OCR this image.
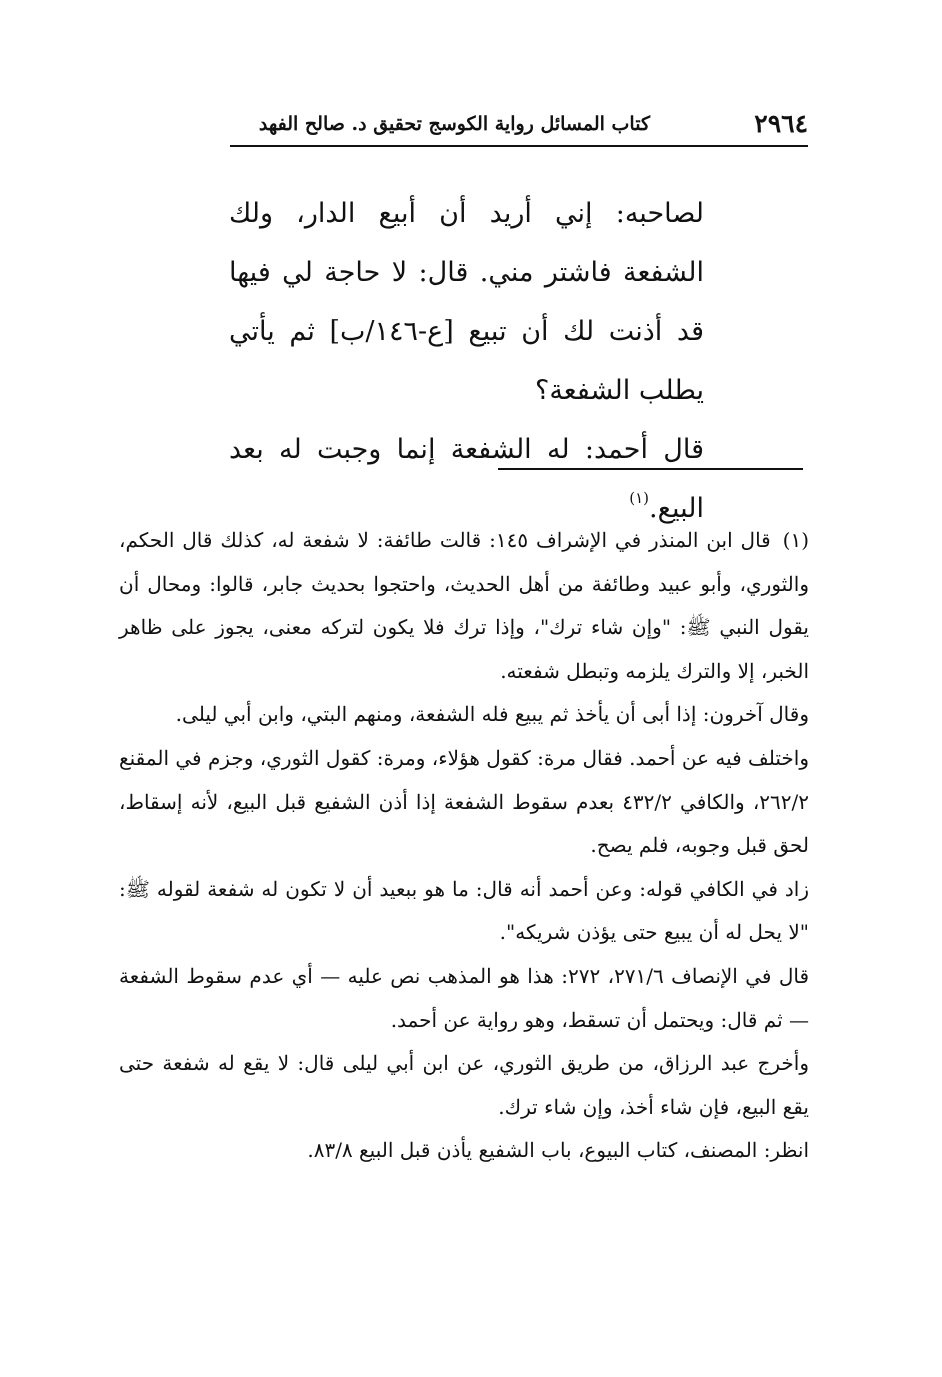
٢٩٦٤
كتاب المسائل رواية الكوسج تحقيق د. صالح الفهد

لصاحبه: إني أريد أن أبيع الدار، ولك الشفعة فاشتر مني. قال: لا حاجة لي فيها قد أذنت لك أن تبيع [ع-١٤٦/ب] ثم يأتي يطلب الشفعة؟

قال أحمد: له الشفعة إنما وجبت له بعد البيع.$^{(١)}$

(١) قال ابن المنذر في الإشراف ١٤٥: قالت طائفة: لا شفعة له، كذلك قال الحكم، والثوري، وأبو عبيد وطائفة من أهل الحديث، واحتجوا بحديث جابر، قالوا: ومحال أن يقول النبي ﷺ: "وإن شاء ترك"، وإذا ترك فلا يكون لتركه معنى، يجوز على ظاهر الخبر، إلا والترك يلزمه وتبطل شفعته.

وقال آخرون: إذا أبى أن يأخذ ثم يبيع فله الشفعة، ومنهم البتي، وابن أبي ليلى.

واختلف فيه عن أحمد. فقال مرة: كقول هؤلاء، ومرة: كقول الثوري، وجزم في المقنع ٢٦٢/٢، والكافي ٤٣٢/٢ بعدم سقوط الشفعة إذا أذن الشفيع قبل البيع، لأنه إسقاط، لحق قبل وجوبه، فلم يصح.

زاد في الكافي قوله: وعن أحمد أنه قال: ما هو ببعيد أن لا تكون له شفعة لقوله ﷺ: "لا يحل له أن يبيع حتى يؤذن شريكه".

قال في الإنصاف ٢٧١/٦، ٢٧٢: هذا هو المذهب نص عليه — أي عدم سقوط الشفعة — ثم قال: ويحتمل أن تسقط، وهو رواية عن أحمد.

وأخرج عبد الرزاق، من طريق الثوري، عن ابن أبي ليلى قال: لا يقع له شفعة حتى يقع البيع، فإن شاء أخذ، وإن شاء ترك.

انظر: المصنف، كتاب البيوع، باب الشفيع يأذن قبل البيع ٨٣/٨.
